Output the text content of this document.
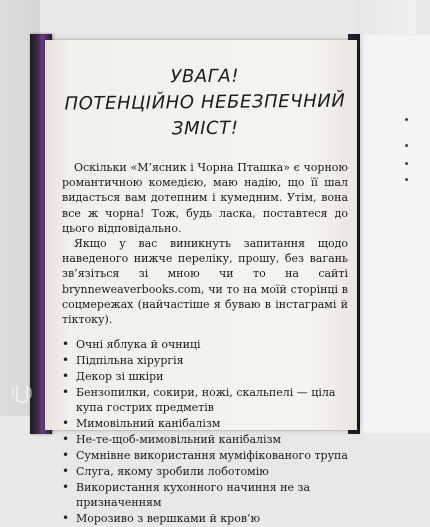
УВАГА!
ПОТЕНЦІЙНО НЕБЕЗПЕЧНИЙ ЗМІСТ!
Оскільки «М’ясник і Чорна Пташка» є чорною романтичною комедією, маю надію, що її шал видасться вам дотепним і кумедним. Утім, вона все ж чорна! Тож, будь ласка, поставтеся до цього відповідально.
Якщо у вас виникнуть запитання щодо наведеного нижче переліку, прошу, без вагань зв’язіться зі мною чи то на сайті brynneweaverbooks.com, чи то на моїй сторінці в соцмережах (найчастіше я буваю в інстаграмі й тіктоку).
• Очні яблука й очниці
• Підпільна хірургія
• Декор зі шкіри
• Бензопилки, сокири, ножі, скальпелі — ціла купа гострих предметів
• Мимовільний канібалізм
• Не-те-щоб-мимовільний канібалізм
• Сумнівне використання муміфікованого трупа
• Слуга, якому зробили лоботомію
• Використання кухонного начиння не за призначенням
• Морозиво з вершками й кров’ю
